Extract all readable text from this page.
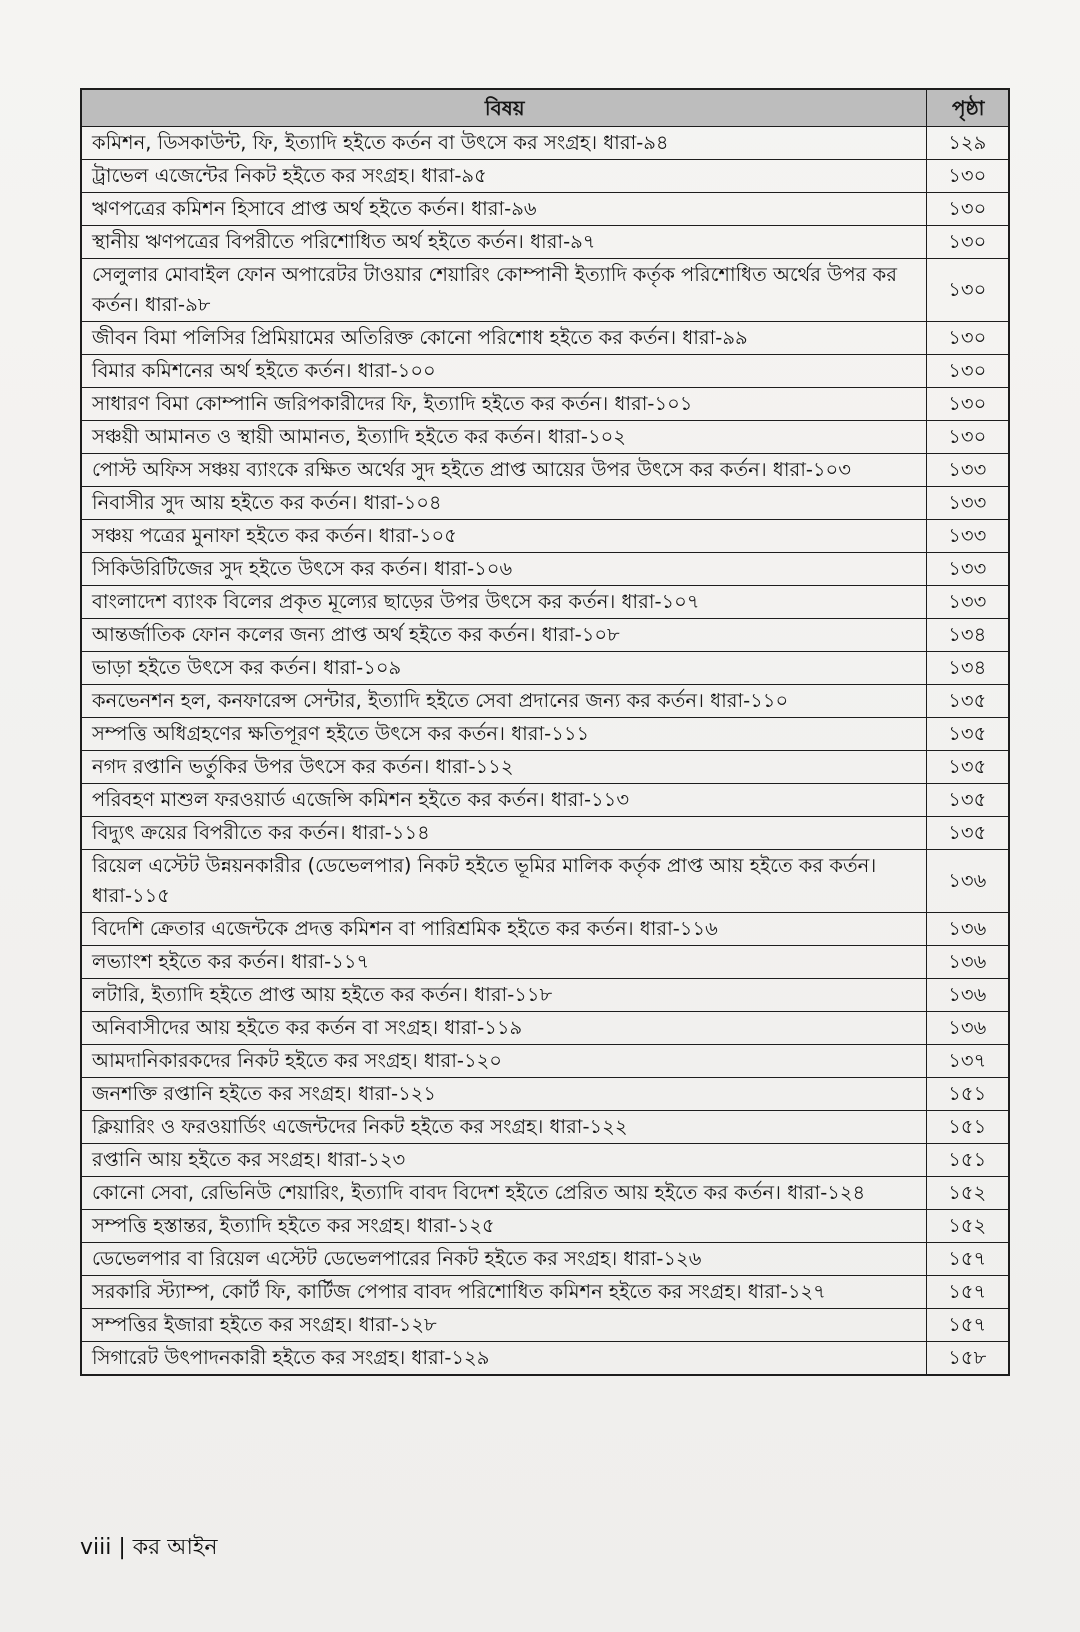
বিষয়	পৃষ্ঠা
কমিশন, ডিসকাউন্ট, ফি, ইত্যাদি হইতে কর্তন বা উৎসে কর সংগ্রহ। ধারা-৯৪	১২৯
ট্রাভেল এজেন্টের নিকট হইতে কর সংগ্রহ। ধারা-৯৫	১৩০
ঋণপত্রের কমিশন হিসাবে প্রাপ্ত অর্থ হইতে কর্তন। ধারা-৯৬	১৩০
স্থানীয় ঋণপত্রের বিপরীতে পরিশোধিত অর্থ হইতে কর্তন। ধারা-৯৭	১৩০
সেলুলার মোবাইল ফোন অপারেটর টাওয়ার শেয়ারিং কোম্পানী ইত্যাদি কর্তৃক পরিশোধিত অর্থের উপর কর কর্তন। ধারা-৯৮	১৩০
জীবন বিমা পলিসির প্রিমিয়ামের অতিরিক্ত কোনো পরিশোধ হইতে কর কর্তন। ধারা-৯৯	১৩০
বিমার কমিশনের অর্থ হইতে কর্তন। ধারা-১০০	১৩০
সাধারণ বিমা কোম্পানি জরিপকারীদের ফি, ইত্যাদি হইতে কর কর্তন। ধারা-১০১	১৩০
সঞ্চয়ী আমানত ও স্থায়ী আমানত, ইত্যাদি হইতে কর কর্তন। ধারা-১০২	১৩০
পোস্ট অফিস সঞ্চয় ব্যাংকে রক্ষিত অর্থের সুদ হইতে প্রাপ্ত আয়ের উপর উৎসে কর কর্তন। ধারা-১০৩	১৩৩
নিবাসীর সুদ আয় হইতে কর কর্তন। ধারা-১০৪	১৩৩
সঞ্চয় পত্রের মুনাফা হইতে কর কর্তন। ধারা-১০৫	১৩৩
সিকিউরিটিজের সুদ হইতে উৎসে কর কর্তন। ধারা-১০৬	১৩৩
বাংলাদেশ ব্যাংক বিলের প্রকৃত মূল্যের ছাড়ের উপর উৎসে কর কর্তন। ধারা-১০৭	১৩৩
আন্তর্জাতিক ফোন কলের জন্য প্রাপ্ত অর্থ হইতে কর কর্তন। ধারা-১০৮	১৩৪
ভাড়া হইতে উৎসে কর কর্তন। ধারা-১০৯	১৩৪
কনভেনশন হল, কনফারেন্স সেন্টার, ইত্যাদি হইতে সেবা প্রদানের জন্য কর কর্তন। ধারা-১১০	১৩৫
সম্পত্তি অধিগ্রহণের ক্ষতিপূরণ হইতে উৎসে কর কর্তন। ধারা-১১১	১৩৫
নগদ রপ্তানি ভর্তুকির উপর উৎসে কর কর্তন। ধারা-১১২	১৩৫
পরিবহণ মাশুল ফরওয়ার্ড এজেন্সি কমিশন হইতে কর কর্তন। ধারা-১১৩	১৩৫
বিদ্যুৎ ক্রয়ের বিপরীতে কর কর্তন। ধারা-১১৪	১৩৫
রিয়েল এস্টেট উন্নয়নকারীর (ডেভেলপার) নিকট হইতে ভূমির মালিক কর্তৃক প্রাপ্ত আয় হইতে কর কর্তন। ধারা-১১৫	১৩৬
বিদেশি ক্রেতার এজেন্টকে প্রদত্ত কমিশন বা পারিশ্রমিক হইতে কর কর্তন। ধারা-১১৬	১৩৬
লভ্যাংশ হইতে কর কর্তন। ধারা-১১৭	১৩৬
লটারি, ইত্যাদি হইতে প্রাপ্ত আয় হইতে কর কর্তন। ধারা-১১৮	১৩৬
অনিবাসীদের আয় হইতে কর কর্তন বা সংগ্রহ। ধারা-১১৯	১৩৬
আমদানিকারকদের নিকট হইতে কর সংগ্রহ। ধারা-১২০	১৩৭
জনশক্তি রপ্তানি হইতে কর সংগ্রহ। ধারা-১২১	১৫১
ক্লিয়ারিং ও ফরওয়ার্ডিং এজেন্টদের নিকট হইতে কর সংগ্রহ। ধারা-১২২	১৫১
রপ্তানি আয় হইতে কর সংগ্রহ। ধারা-১২৩	১৫১
কোনো সেবা, রেভিনিউ শেয়ারিং, ইত্যাদি বাবদ বিদেশ হইতে প্রেরিত আয় হইতে কর কর্তন। ধারা-১২৪	১৫২
সম্পত্তি হস্তান্তর, ইত্যাদি হইতে কর সংগ্রহ। ধারা-১২৫	১৫২
ডেভেলপার বা রিয়েল এস্টেট ডেভেলপারের নিকট হইতে কর সংগ্রহ। ধারা-১২৬	১৫৭
সরকারি স্ট্যাম্প, কোর্ট ফি, কার্টিজ পেপার বাবদ পরিশোধিত কমিশন হইতে কর সংগ্রহ। ধারা-১২৭	১৫৭
সম্পত্তির ইজারা হইতে কর সংগ্রহ। ধারা-১২৮	১৫৭
সিগারেট উৎপাদনকারী হইতে কর সংগ্রহ। ধারা-১২৯	১৫৮
viii | কর আইন
